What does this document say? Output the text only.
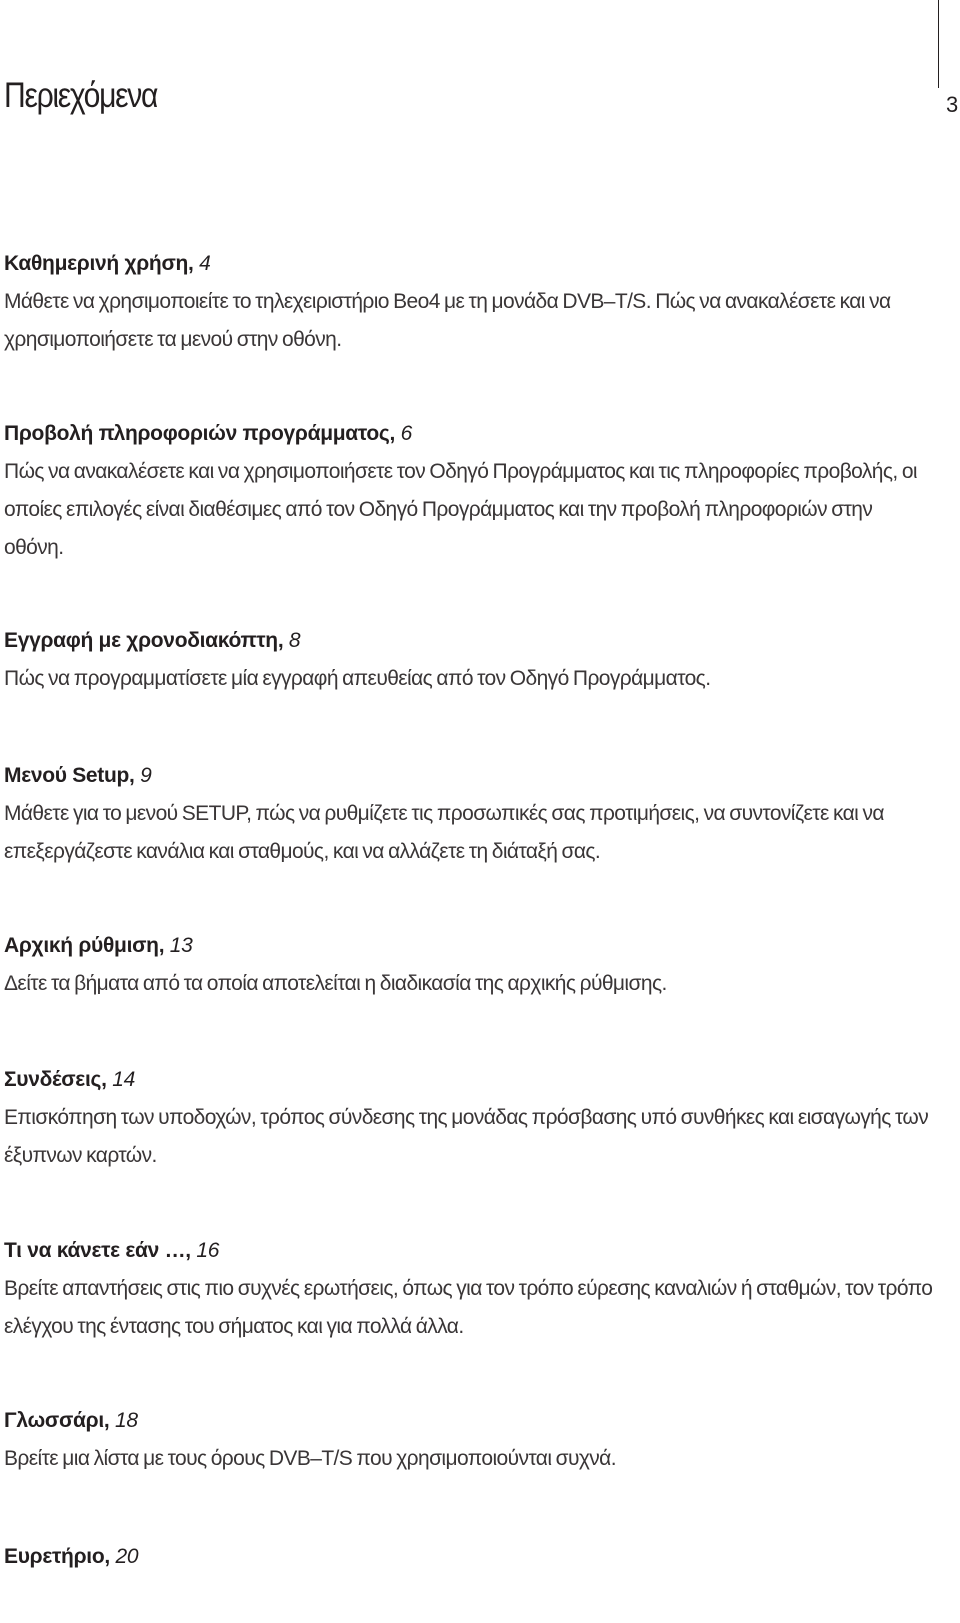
Περιεχόμενα	3
Καθημερινή χρήση, 4
Μάθετε να χρησιμοποιείτε το τηλεχειριστήριο Beo4 με τη μονάδα DVB–T/S. Πώς να ανακαλέσετε και να χρησιμοποιήσετε τα μενού στην οθόνη.
Προβολή πληροφοριών προγράμματος, 6
Πώς να ανακαλέσετε και να χρησιμοποιήσετε τον Οδηγό Προγράμματος και τις πληροφορίες προβολής, οι οποίες επιλογές είναι διαθέσιμες από τον Οδηγό Προγράμματος και την προβολή πληροφοριών στην οθόνη.
Εγγραφή με χρονοδιακόπτη, 8
Πώς να προγραμματίσετε μία εγγραφή απευθείας από τον Οδηγό Προγράμματος.
Μενού Setup, 9
Μάθετε για το μενού SETUP, πώς να ρυθμίζετε τις προσωπικές σας προτιμήσεις, να συντονίζετε και να επεξεργάζεστε κανάλια και σταθμούς, και να αλλάζετε τη διάταξή σας.
Αρχική ρύθμιση, 13
Δείτε τα βήματα από τα οποία αποτελείται η διαδικασία της αρχικής ρύθμισης.
Συνδέσεις, 14
Επισκόπηση των υποδοχών, τρόπος σύνδεσης της μονάδας πρόσβασης υπό συνθήκες και εισαγωγής των έξυπνων καρτών.
Τι να κάνετε εάν …, 16
Βρείτε απαντήσεις στις πιο συχνές ερωτήσεις, όπως για τον τρόπο εύρεσης καναλιών ή σταθμών, τον τρόπο ελέγχου της έντασης του σήματος και για πολλά άλλα.
Γλωσσάρι, 18
Βρείτε μια λίστα με τους όρους DVB–T/S που χρησιμοποιούνται συχνά.
Ευρετήριο, 20
